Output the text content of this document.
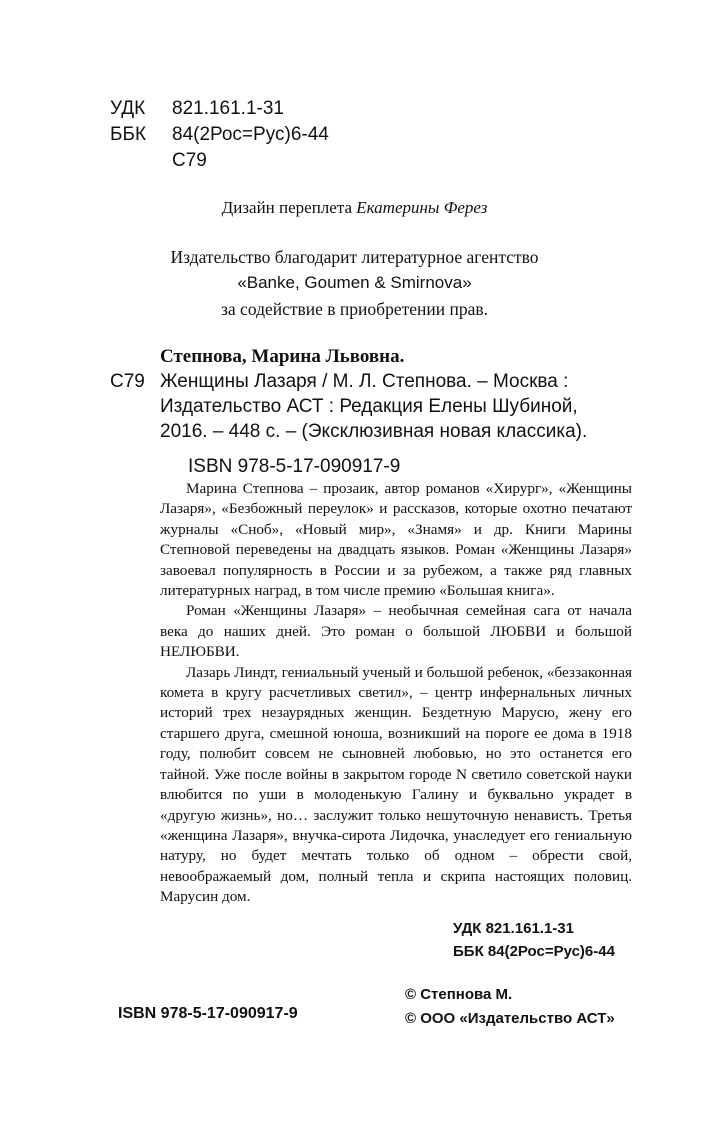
УДК	821.161.1-31
ББК	84(2Рос=Рус)6-44
С79
Дизайн переплета Екатерины Ферез
Издательство благодарит литературное агентство
«Banke, Goumen & Smirnova»
за содействие в приобретении прав.
Степнова, Марина Львовна.
С79 Женщины Лазаря / М. Л. Степнова. – Москва :
Издательство АСТ : Редакция Елены Шубиной,
2016. – 448 с. – (Эксклюзивная новая классика).
ISBN 978-5-17-090917-9

Марина Степнова – прозаик, автор романов «Хирург», «Женщины Лазаря», «Безбожный переулок» и рассказов, которые охотно печатают журналы «Сноб», «Новый мир», «Знамя» и др. Книги Марины Степновой переведены на двадцать языков. Роман «Женщины Лазаря» завоевал популярность в России и за рубежом, а также ряд главных литературных наград, в том числе премию «Большая книга».

Роман «Женщины Лазаря» – необычная семейная сага от начала века до наших дней. Это роман о большой ЛЮБВИ и большой НЕЛЮБВИ.

Лазарь Линдт, гениальный ученый и большой ребенок, «беззаконная комета в кругу расчетливых светил», – центр инфернальных личных историй трех незаурядных женщин. Бездетную Марусю, жену его старшего друга, смешной юноша, возникший на пороге ее дома в 1918 году, полюбит совсем не сыновней любовью, но это останется его тайной. Уже после войны в закрытом городе N светило советской науки влюбится по уши в молоденькую Галину и буквально украдет в «другую жизнь», но… заслужит только нешуточную ненависть. Третья «женщина Лазаря», внучка-сирота Лидочка, унаследует его гениальную натуру, но будет мечтать только об одном – обрести свой, невоображаемый дом, полный тепла и скрипа настоящих половиц. Марусин дом.

УДК 821.161.1-31
ББК 84(2Рос=Рус)6-44
© Степнова М.
© ООО «Издательство АСТ»
ISBN 978-5-17-090917-9
